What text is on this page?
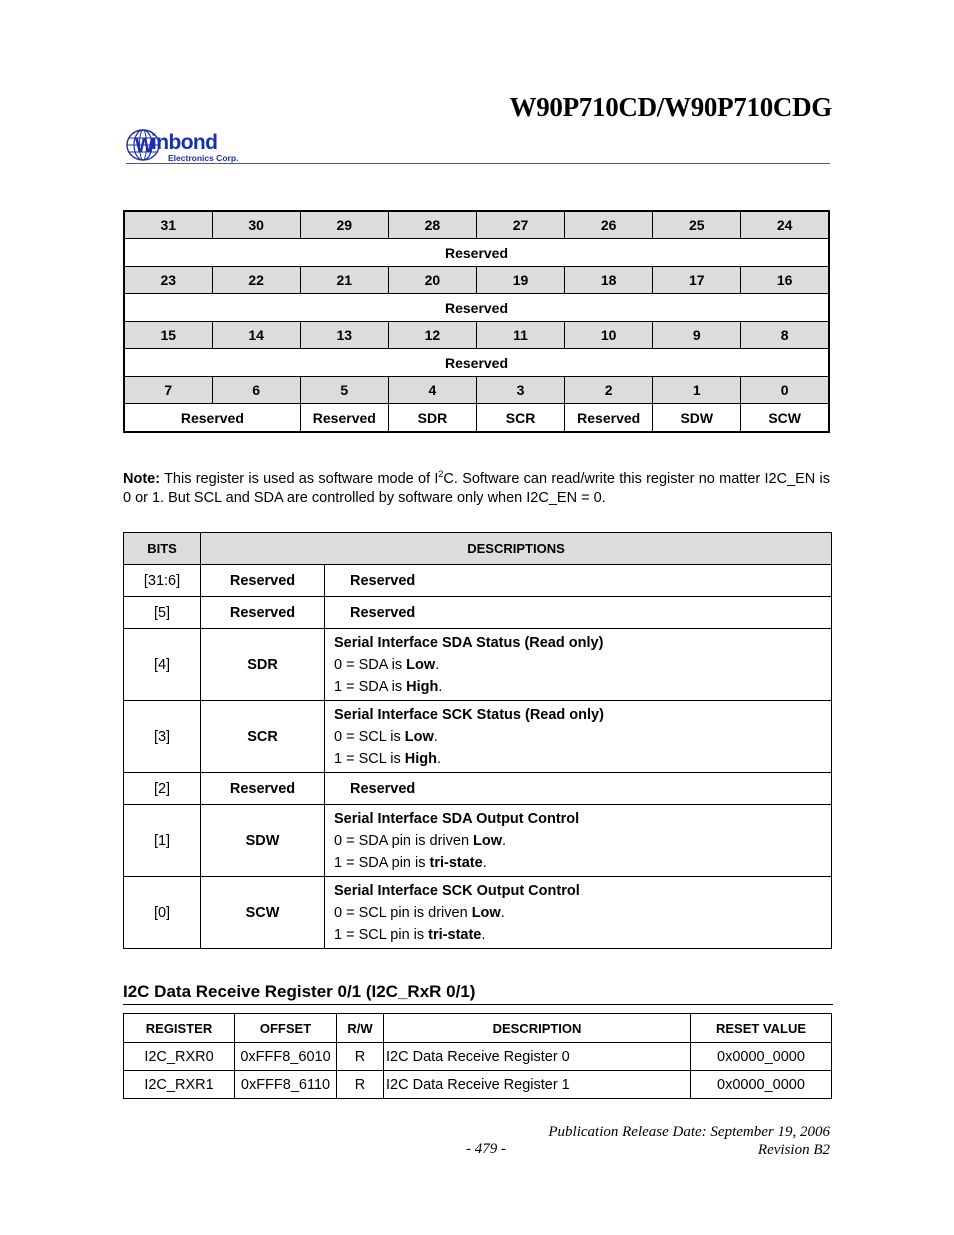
W90P710CD/W90P710CDG
W
inbond
Electronics Corp.
31	30	29	28	27	26	25	24
Reserved							
23	22	21	20	19	18	17	16
Reserved							
15	14	13	12	11	10	9	8
Reserved							
7	6	5	4	3	2	1	0
Reserved		Reserved	SDR	SCR	Reserved	SDW	SCW
Note: This register is used as software mode of $I^2C$. Software can read/write this register no matter I2C_EN is 0 or 1. But SCL and SDA are controlled by software only when I2C_EN = 0.
BITS	DESCRIPTIONS	
[31:6]	Reserved	Reserved
[5]	Reserved	Reserved
[4]	SDR	Serial Interface SDA Status (Read only)
0 = SDA is Low.
1 = SDA is High.
[3]	SCR	Serial Interface SCK Status (Read only)
0 = SCL is Low.
1 = SCL is High.
[2]	Reserved	Reserved
[1]	SDW	Serial Interface SDA Output Control
0 = SDA pin is driven Low.
1 = SDA pin is tri-state.
[0]	SCW	Serial Interface SCK Output Control
0 = SCL pin is driven Low.
1 = SCL pin is tri-state.
I2C Data Receive Register 0/1 (I2C_RxR 0/1)
REGISTER	OFFSET	R/W	DESCRIPTION	RESET VALUE
I2C_RXR0	0xFFF8_6010	R	I2C Data Receive Register 0	0x0000_0000
I2C_RXR1	0xFFF8_6110	R	I2C Data Receive Register 1	0x0000_0000
Publication Release Date: September 19, 2006
Revision B2
- 479 -
